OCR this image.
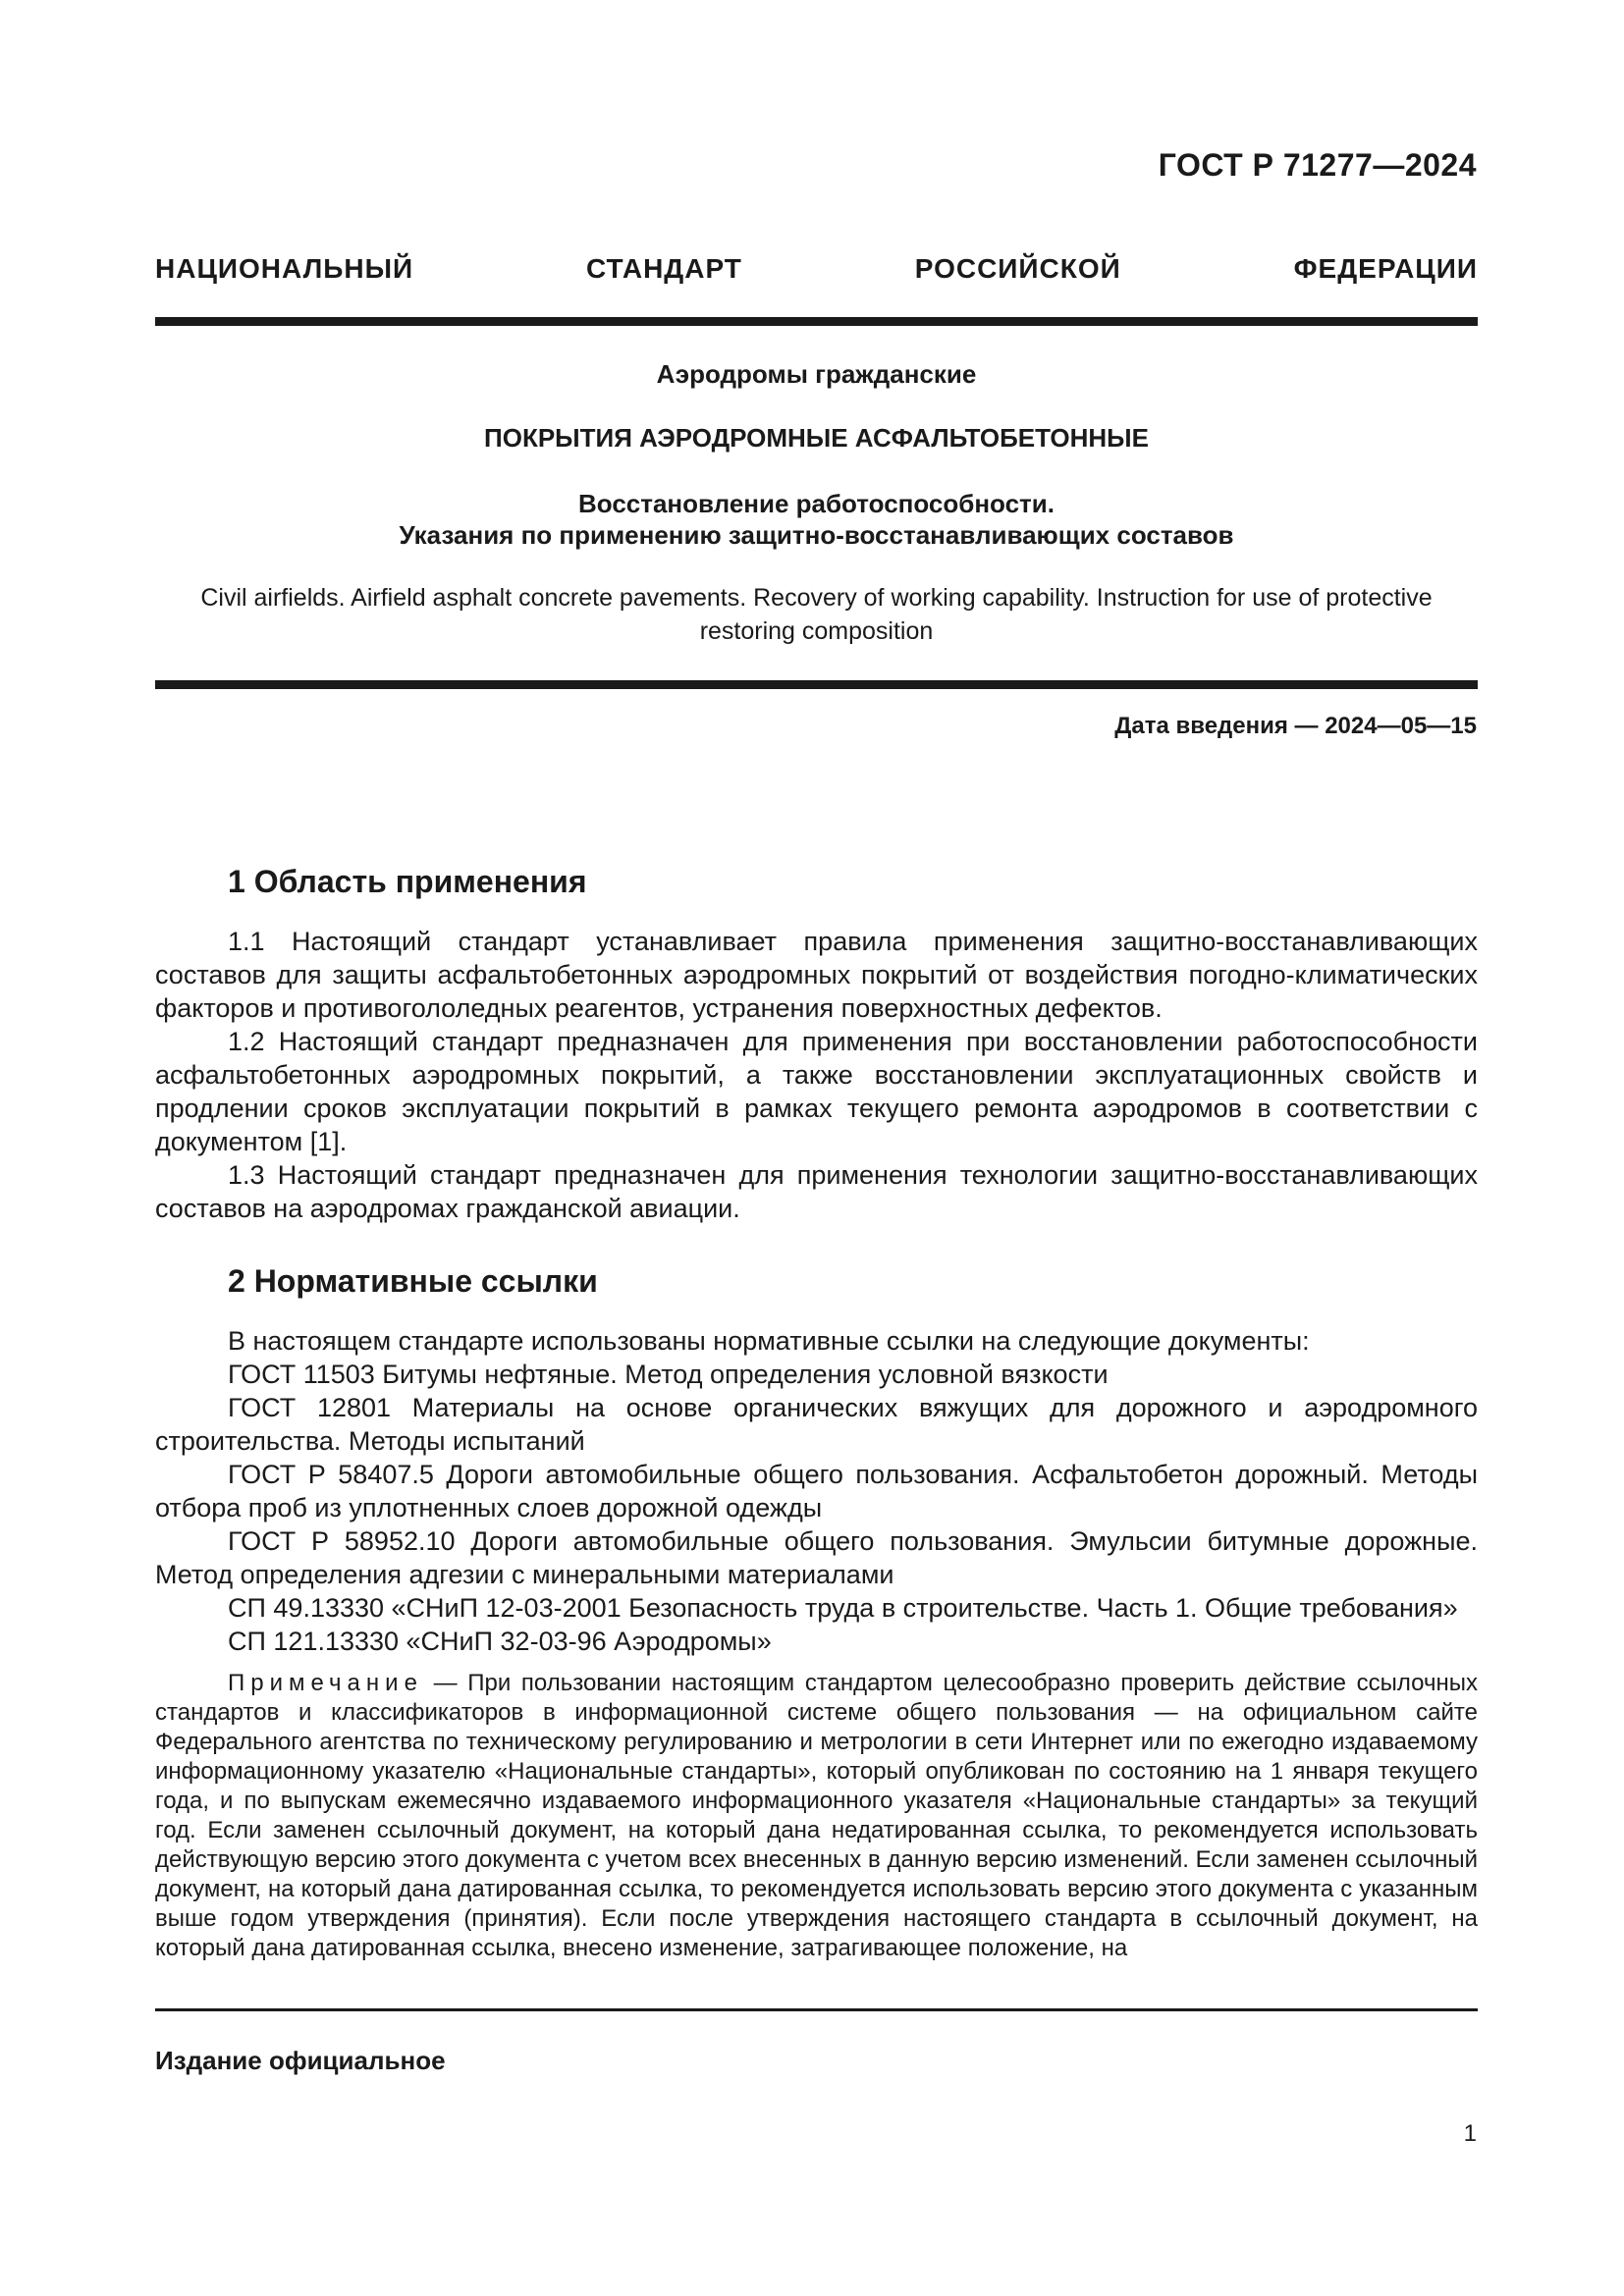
ГОСТ Р 71277—2024
НАЦИОНАЛЬНЫЙ СТАНДАРТ РОССИЙСКОЙ ФЕДЕРАЦИИ
Аэродромы гражданские
ПОКРЫТИЯ АЭРОДРОМНЫЕ АСФАЛЬТОБЕТОННЫЕ
Восстановление работоспособности.
Указания по применению защитно-восстанавливающих составов
Civil airfields. Airfield asphalt concrete pavements. Recovery of working capability. Instruction for use of protective restoring composition
Дата введения — 2024—05—15
1 Область применения

1.1 Настоящий стандарт устанавливает правила применения защитно-восстанавливающих составов для защиты асфальтобетонных аэродромных покрытий от воздействия погодно-климатических факторов и противогололедных реагентов, устранения поверхностных дефектов.

1.2 Настоящий стандарт предназначен для применения при восстановлении работоспособности асфальтобетонных аэродромных покрытий, а также восстановлении эксплуатационных свойств и продлении сроков эксплуатации покрытий в рамках текущего ремонта аэродромов в соответствии с документом [1].

1.3 Настоящий стандарт предназначен для применения технологии защитно-восстанавливающих составов на аэродромах гражданской авиации.

2 Нормативные ссылки

В настоящем стандарте использованы нормативные ссылки на следующие документы:

ГОСТ 11503 Битумы нефтяные. Метод определения условной вязкости

ГОСТ 12801 Материалы на основе органических вяжущих для дорожного и аэродромного строительства. Методы испытаний

ГОСТ Р 58407.5 Дороги автомобильные общего пользования. Асфальтобетон дорожный. Методы отбора проб из уплотненных слоев дорожной одежды

ГОСТ Р 58952.10 Дороги автомобильные общего пользования. Эмульсии битумные дорожные. Метод определения адгезии с минеральными материалами

СП 49.13330 «СНиП 12-03-2001 Безопасность труда в строительстве. Часть 1. Общие требования»

СП 121.13330 «СНиП 32-03-96 Аэродромы»

Примечание — При пользовании настоящим стандартом целесообразно проверить действие ссылочных стандартов и классификаторов в информационной системе общего пользования — на официальном сайте Федерального агентства по техническому регулированию и метрологии в сети Интернет или по ежегодно издаваемому информационному указателю «Национальные стандарты», который опубликован по состоянию на 1 января текущего года, и по выпускам ежемесячно издаваемого информационного указателя «Национальные стандарты» за текущий год. Если заменен ссылочный документ, на который дана недатированная ссылка, то рекомендуется использовать действующую версию этого документа с учетом всех внесенных в данную версию изменений. Если заменен ссылочный документ, на который дана датированная ссылка, то рекомендуется использовать версию этого документа с указанным выше годом утверждения (принятия). Если после утверждения настоящего стандарта в ссылочный документ, на который дана датированная ссылка, внесено изменение, затрагивающее положение, на
Издание официальное
1
